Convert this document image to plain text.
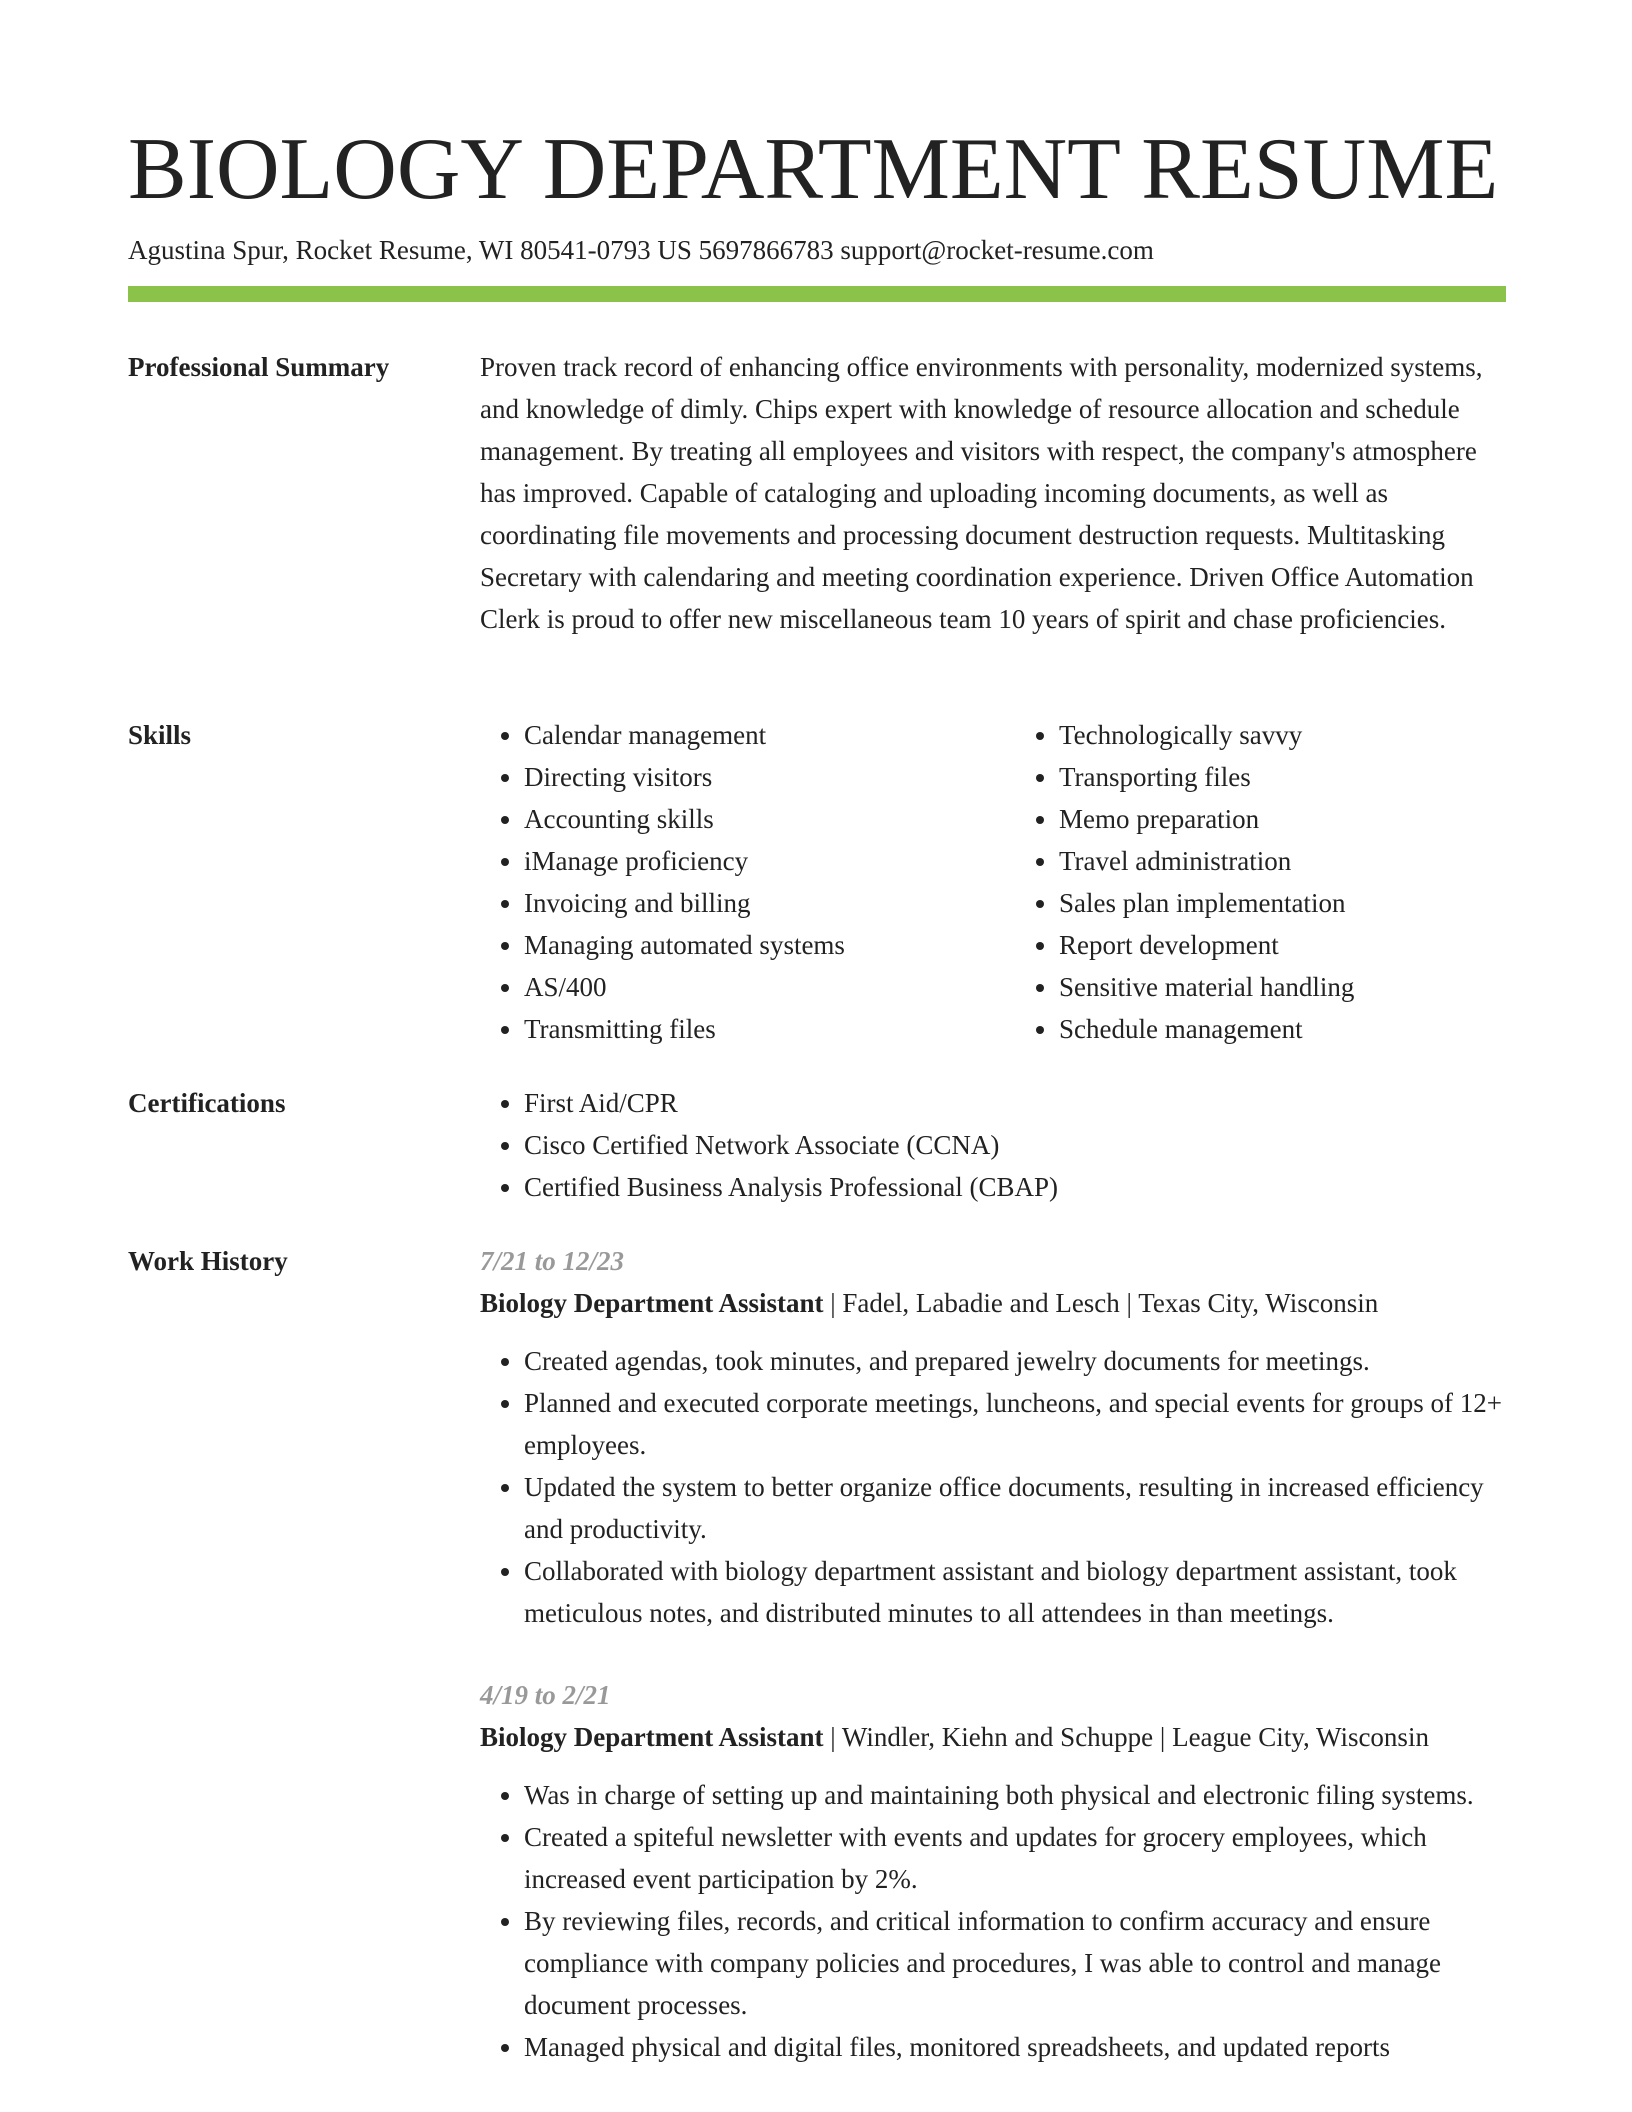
BIOLOGY DEPARTMENT RESUME
Agustina Spur, Rocket Resume, WI 80541-0793 US 5697866783 support@rocket-resume.com
Professional Summary	Proven track record of enhancing office environments with personality, modernized systems, and knowledge of dimly. Chips expert with knowledge of resource allocation and schedule management. By treating all employees and visitors with respect, the company's atmosphere has improved. Capable of cataloging and uploading incoming documents, as well as coordinating file movements and processing document destruction requests. Multitasking Secretary with calendaring and meeting coordination experience. Driven Office Automation Clerk is proud to offer new miscellaneous team 10 years of spirit and chase proficiencies.

Skills	• Calendar management
• Directing visitors
• Accounting skills
• iManage proficiency
• Invoicing and billing
• Managing automated systems
• AS/400
• Transmitting files
• Technologically savvy
• Transporting files
• Memo preparation
• Travel administration
• Sales plan implementation
• Report development
• Sensitive material handling
• Schedule management
Certifications	• First Aid/CPR
• Cisco Certified Network Associate (CCNA)
• Certified Business Analysis Professional (CBAP)
Work History	7/21 to 12/23
Biology Department Assistant | Fadel, Labadie and Lesch | Texas City, Wisconsin
• Created agendas, took minutes, and prepared jewelry documents for meetings.
• Planned and executed corporate meetings, luncheons, and special events for groups of 12+ employees.
• Updated the system to better organize office documents, resulting in increased efficiency and productivity.
• Collaborated with biology department assistant and biology department assistant, took meticulous notes, and distributed minutes to all attendees in than meetings.
4/19 to 2/21
Biology Department Assistant | Windler, Kiehn and Schuppe | League City, Wisconsin
• Was in charge of setting up and maintaining both physical and electronic filing systems.
• Created a spiteful newsletter with events and updates for grocery employees, which increased event participation by 2%.
• By reviewing files, records, and critical information to confirm accuracy and ensure compliance with company policies and procedures, I was able to control and manage document processes.
• Managed physical and digital files, monitored spreadsheets, and updated reports
